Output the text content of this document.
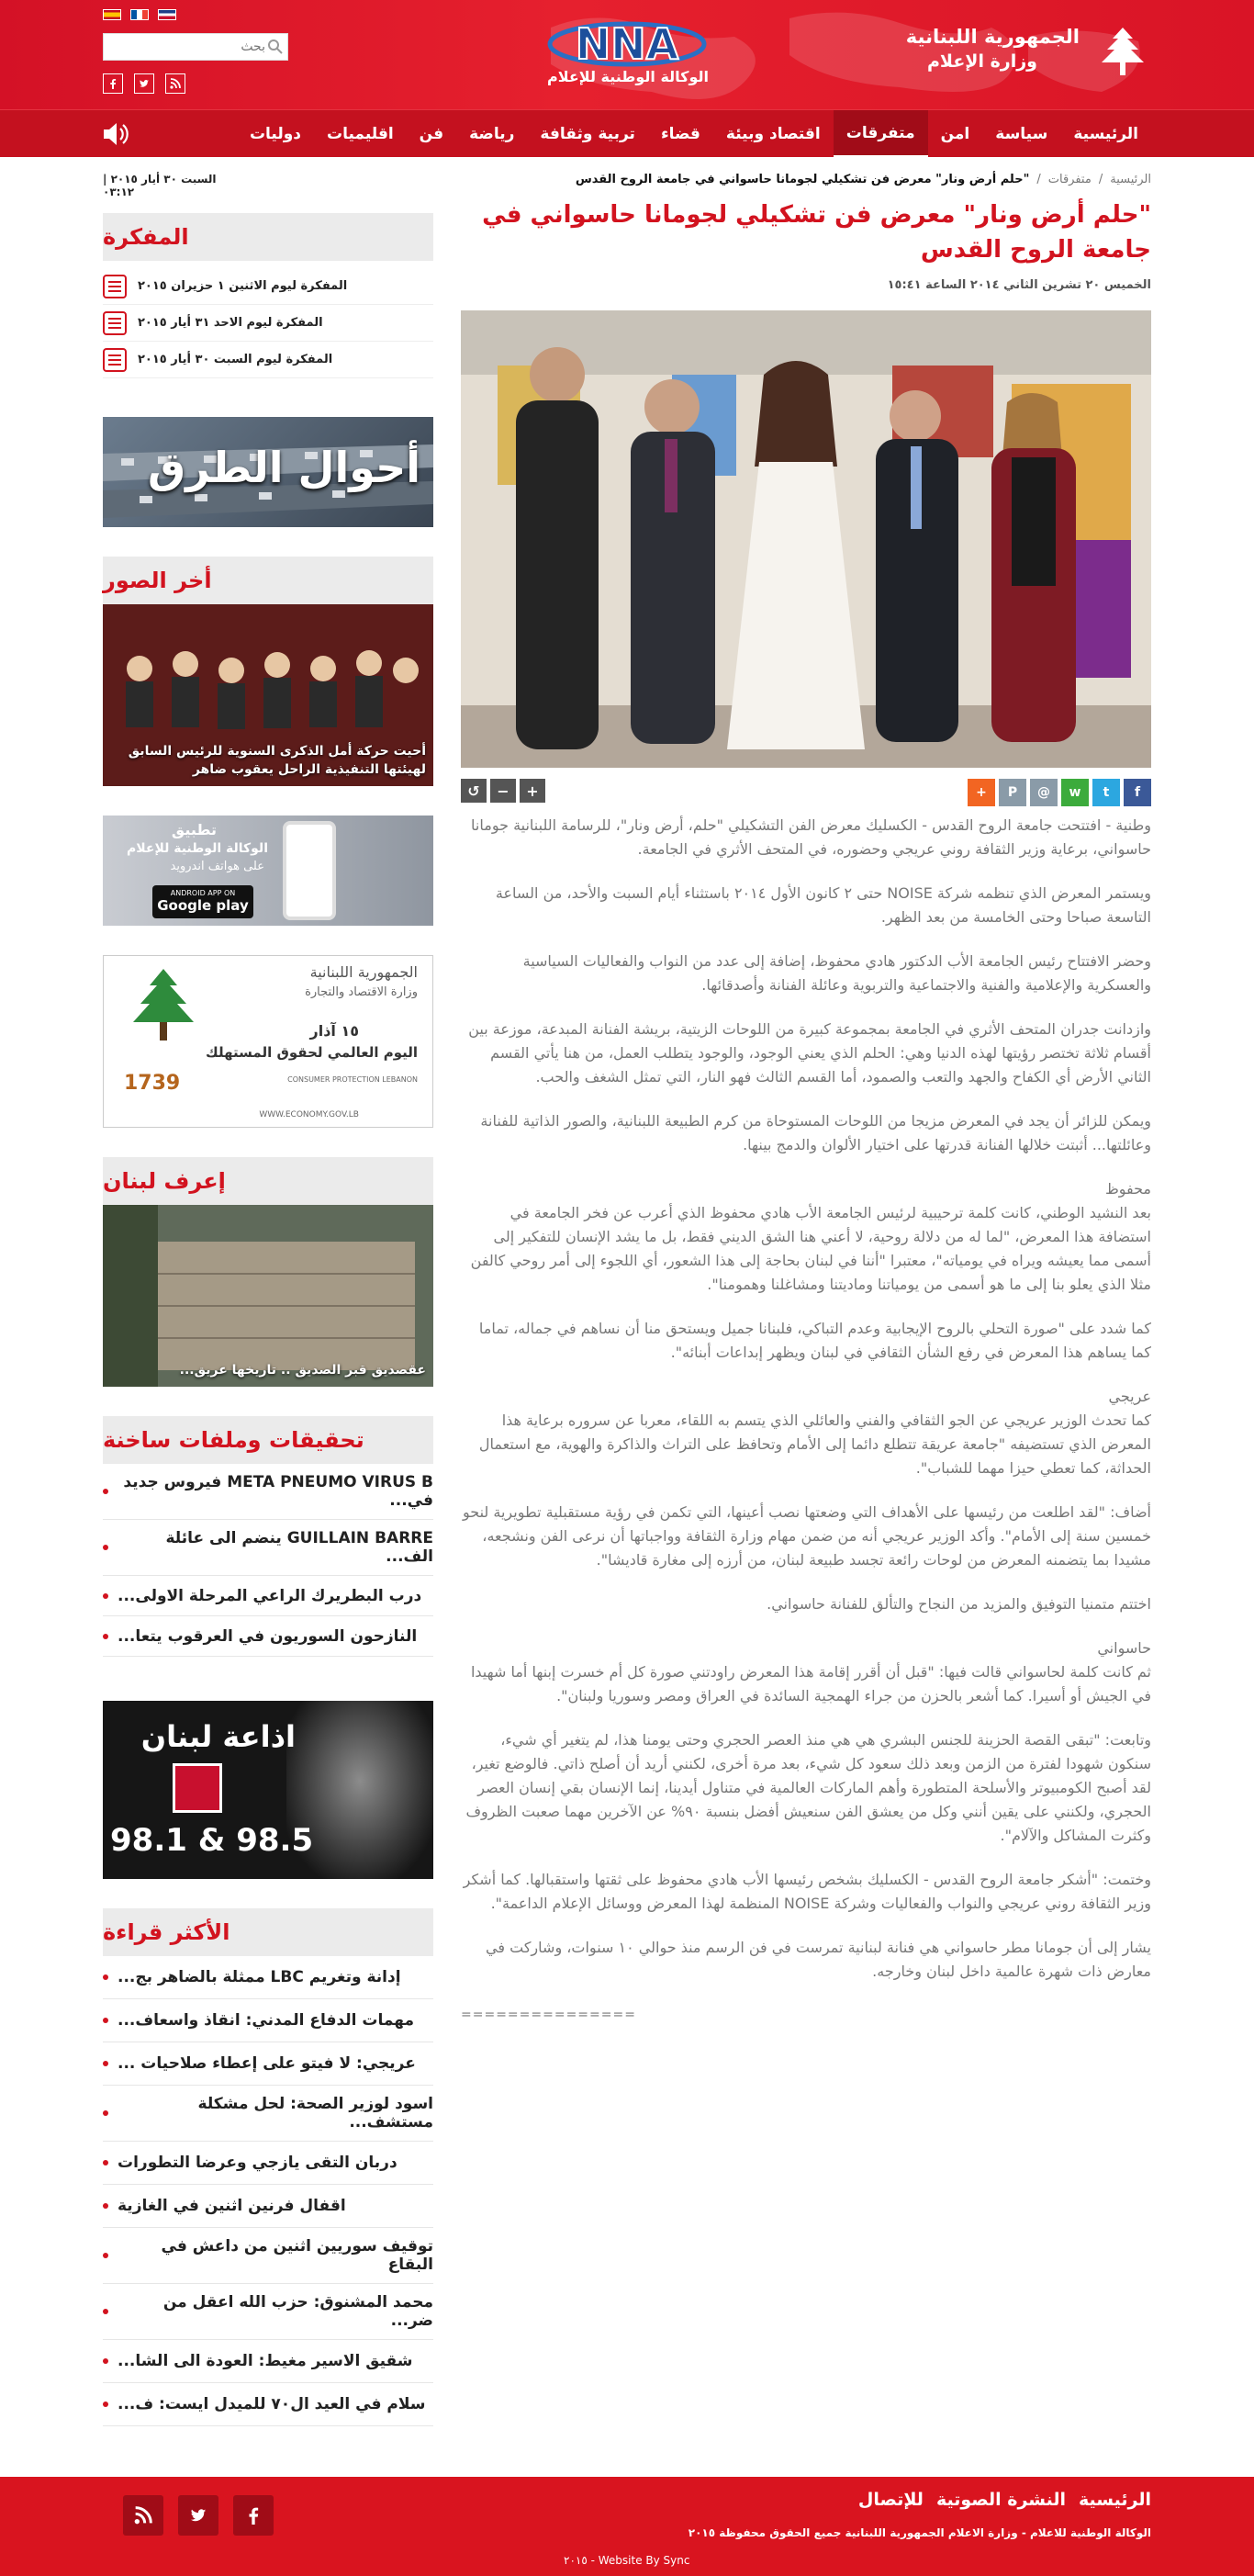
الجمهورية اللبنانية
وزارة الإعلام
NNA
الوكالة الوطنية للإعلام
بحث
الرئيسية
سياسة
امن
متفرقات
اقتصاد وبيئة
قضاء
تربية وثقافة
رياضة
فن
اقليميات
دوليات
الرئيسية
/
متفرقات
/
"حلم أرض ونار" معرض فن تشكيلي لجومانا حاسواني في جامعة الروح القدس
السبت ٣٠ أيار ٢٠١٥ | ٠٣:١٢
"حلم أرض ونار" معرض فن تشكيلي لجومانا حاسواني في جامعة الروح القدس
الخميس ٢٠ تشرين الثاني ٢٠١٤ الساعة ١٥:٤١
f
t
w
@
P
+
+
−
↺

وطنية - افتتحت جامعة الروح القدس - الكسليك معرض الفن التشكيلي "حلم، أرض ونار"، للرسامة اللبنانية جومانا حاسواني، برعاية وزير الثقافة روني عريجي وحضوره، في المتحف الأثري في الجامعة.

ويستمر المعرض الذي تنظمه شركة NOISE حتى ٢ كانون الأول ٢٠١٤ باستثناء أيام السبت والأحد، من الساعة التاسعة صباحا وحتى الخامسة من بعد الظهر.

وحضر الافتتاح رئيس الجامعة الأب الدكتور هادي محفوظ، إضافة إلى عدد من النواب والفعاليات السياسية والعسكرية والإعلامية والفنية والاجتماعية والتربوية وعائلة الفنانة وأصدقائها.

وازدانت جدران المتحف الأثري في الجامعة بمجموعة كبيرة من اللوحات الزيتية، بريشة الفنانة المبدعة، موزعة بين أقسام ثلاثة تختصر رؤيتها لهذه الدنيا وهي: الحلم الذي يعني الوجود، والوجود يتطلب العمل، من هنا يأتي القسم الثاني الأرض أي الكفاح والجهد والتعب والصمود، أما القسم الثالث فهو النار، التي تمثل الشغف والحب.

ويمكن للزائر أن يجد في المعرض مزيجا من اللوحات المستوحاة من كرم الطبيعة اللبنانية، والصور الذاتية للفنانة وعائلتها... أثبتت خلالها الفنانة قدرتها على اختيار الألوان والدمج بينها.

محفوظ
بعد النشيد الوطني، كانت كلمة ترحيبية لرئيس الجامعة الأب هادي محفوظ الذي أعرب عن فخر الجامعة في استضافة هذا المعرض، "لما له من دلالة روحية، لا أعني هنا الشق الديني فقط، بل ما يشد الإنسان للتفكير إلى أسمى مما يعيشه ويراه في يومياته"، معتبرا "أننا في لبنان بحاجة إلى هذا الشعور، أي اللجوء إلى أمر روحي كالفن مثلا الذي يعلو بنا إلى ما هو أسمى من يومياتنا وماديتنا ومشاغلنا وهمومنا".

كما شدد على "صورة التحلي بالروح الإيجابية وعدم التباكي، فلبنانا جميل ويستحق منا أن نساهم في جماله، تماما كما يساهم هذا المعرض في رفع الشأن الثقافي في لبنان ويظهر إبداعات أبنائه".

عريجي
كما تحدث الوزير عريجي عن الجو الثقافي والفني والعائلي الذي يتسم به اللقاء، معربا عن سروره برعاية هذا المعرض الذي تستضيفه "جامعة عريقة تتطلع دائما إلى الأمام وتحافظ على التراث والذاكرة والهوية، مع استعمال الحداثة، كما تعطي حيزا مهما للشباب".

أضاف: "لقد اطلعت من رئيسها على الأهداف التي وضعتها نصب أعينها، التي تكمن في رؤية مستقبلية تطويرية لنحو خمسين سنة إلى الأمام". وأكد الوزير عريجي أنه من ضمن مهام وزارة الثقافة وواجباتها أن نرعى الفن ونشجعه، مشيدا بما يتضمنه المعرض من لوحات رائعة تجسد طبيعة لبنان، من أرزه إلى مغارة قاديشا".

اختتم متمنيا التوفيق والمزيد من النجاح والتألق للفنانة حاسواني.

حاسواني
ثم كانت كلمة لحاسواني قالت فيها: "قبل أن أقرر إقامة هذا المعرض راودتني صورة كل أم خسرت إبنها أما شهيدا في الجيش أو أسيرا. كما أشعر بالحزن من جراء الهمجية السائدة في العراق ومصر وسوريا ولبنان".

وتابعت: "تبقى القصة الحزينة للجنس البشري هي هي منذ العصر الحجري وحتى يومنا هذا، لم يتغير أي شيء، سنكون شهودا لفترة من الزمن وبعد ذلك سعود كل شيء، بعد مرة أخرى، لكنني أريد أن أصلح ذاتي. فالوضع تغير، لقد أصبح الكومبيوتر والأسلحة المتطورة وأهم الماركات العالمية في متناول أيدينا، إنما الإنسان بقي إنسان العصر الحجري، ولكنني على يقين أنني وكل من يعشق الفن سنعيش أفضل بنسبة ٩٠% عن الآخرين مهما صعبت الظروف وكثرت المشاكل والآلام".

وختمت: "أشكر جامعة الروح القدس - الكسليك بشخص رئيسها الأب هادي محفوظ على ثقتها واستقبالها. كما أشكر وزير الثقافة روني عريجي والنواب والفعاليات وشركة NOISE المنظمة لهذا المعرض ووسائل الإعلام الداعمة".

يشار إلى أن جومانا مطر حاسواني هي فنانة لبنانية تمرست في فن الرسم منذ حوالي ١٠ سنوات، وشاركت في معارض ذات شهرة عالمية داخل لبنان وخارجه.

===============
المفكرة
المفكرة ليوم الاثنين ١ حزيران ٢٠١٥
المفكرة ليوم الاحد ٣١ أيار ٢٠١٥
المفكرة ليوم السبت ٣٠ أيار ٢٠١٥
أحوال الطرق
أخر الصور
أحيت حركة أمل الذكرى السنوية للرئيس السابق لهيئتها التنفيذية الراحل يعقوب ضاهر
تطبيق
الوكالة الوطنية للإعلام
على هواتف اندرويد
ANDROID APP ON
Google play
الجمهورية اللبنانية
وزارة الاقتصاد والتجارة
١٥ آذار
اليوم العالمي لحقوق المستهلك
1739	CONSUMER PROTECTION LEBANON
WWW.ECONOMY.GOV.LB
إعرف لبنان
عقصديق قبر الصديق .. تاريخها عريق...
تحقيقات وملفات ساخنة
META PNEUMO VIRUS B فيروس جديد في...
GUILLAIN BARRE ينضم الى عائلة الف...
درب البطريرك الراعي المرحلة الاولى...
النازحون السوريون في العرقوب يتعا...
اذاعة لبنان
98.1 & 98.5
الأكثر قراءة
إدانة وتغريم LBC ممثلة بالضاهر بج...
مهمات الدفاع المدني: انقاذ واسعاف...
عريجي: لا فيتو على إعطاء صلاحيات ...
اسود لوزير الصحة: لحل مشكلة مستشف...
دربان التقى يازجي وعرضا التطورات
اقفال فرنين اثنين في الغازية
توقيف سوريين اثنين من داعش في البقاع
محمد المشنوق: حزب الله اعقل من ضر...
شقيق الاسير مغيط: العودة الى الشا...
سلام في العيد ال٧٠ للميدل ايست: ف...
الرئيسية
النشرة الصوتية
للإتصال
الوكالة الوطنية للاعلام - وزارة الاعلام الجمهورية اللبنانية جميع الحقوق محفوظة ٢٠١٥
Website By Sync - ٢٠١٥
